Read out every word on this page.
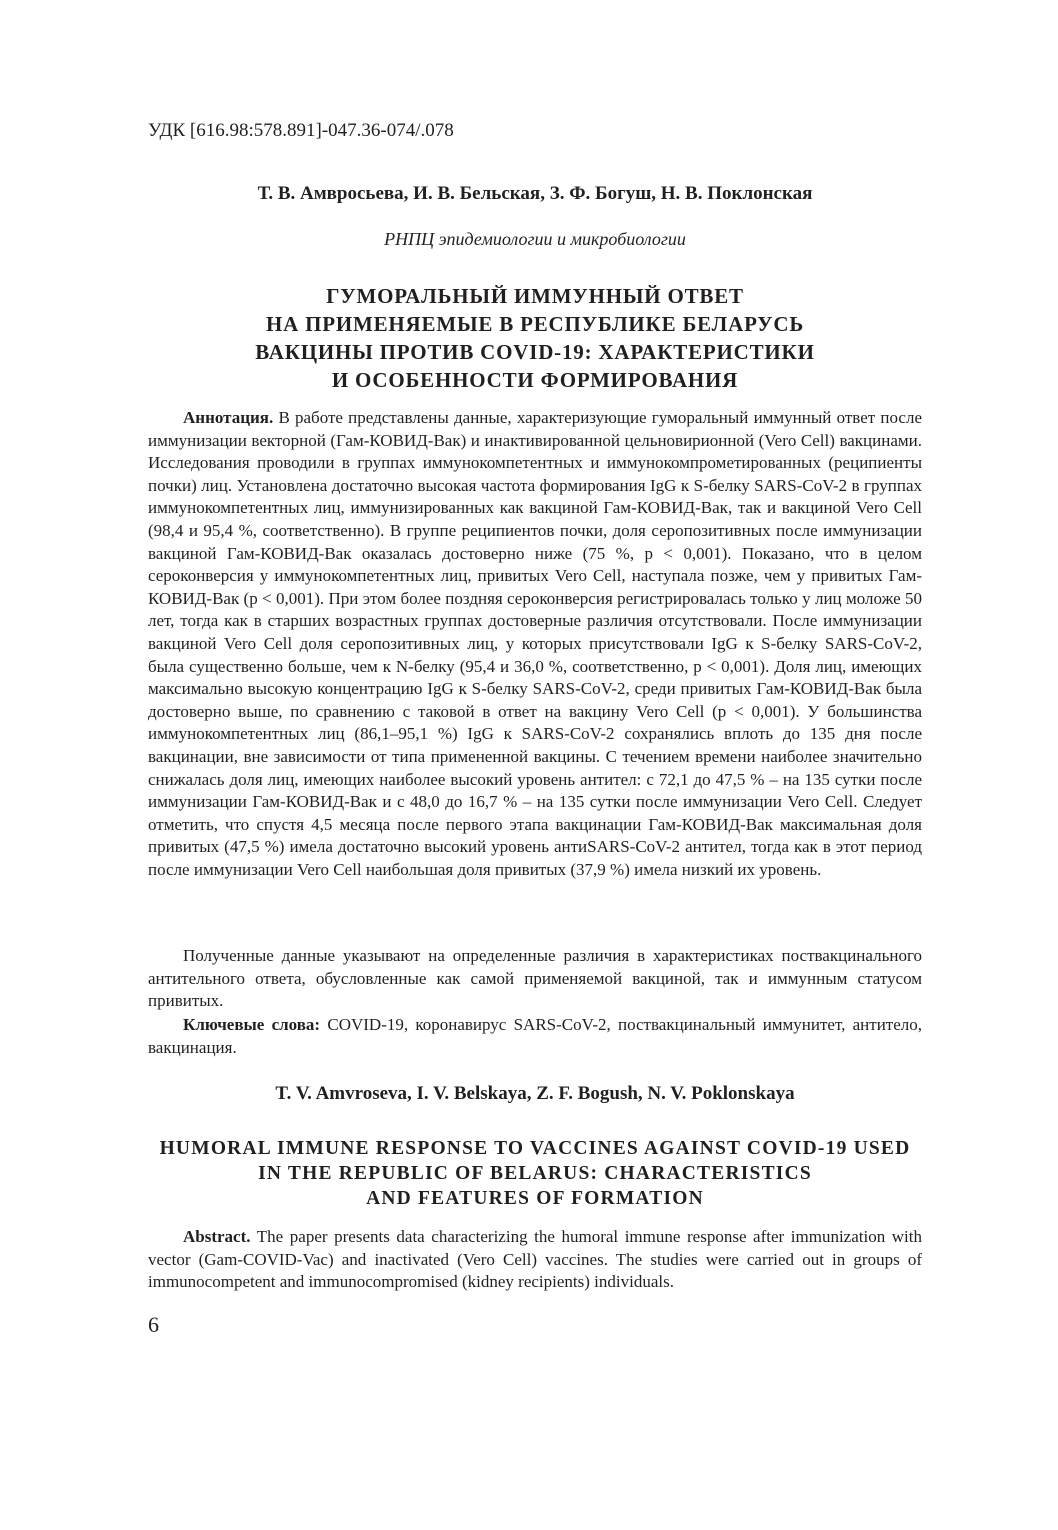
УДК [616.98:578.891]-047.36-074/.078
Т. В. Амвросьева, И. В. Бельская, З. Ф. Богуш, Н. В. Поклонская
РНПЦ эпидемиологии и микробиологии
ГУМОРАЛЬНЫЙ ИММУННЫЙ ОТВЕТ
НА ПРИМЕНЯЕМЫЕ В РЕСПУБЛИКЕ БЕЛАРУСЬ
ВАКЦИНЫ ПРОТИВ COVID-19: ХАРАКТЕРИСТИКИ
И ОСОБЕННОСТИ ФОРМИРОВАНИЯ

Аннотация. В работе представлены данные, характеризующие гуморальный иммунный ответ после иммунизации векторной (Гам-КОВИД-Вак) и инактивированной цельновирионной (Vero Cell) вакцинами. Исследования проводили в группах иммунокомпетентных и иммунокомпрометированных (реципиенты почки) лиц. Установлена достаточно высокая частота формирования IgG к S-белку SARS-CoV-2 в группах иммунокомпетентных лиц, иммунизированных как вакциной Гам-КОВИД-Вак, так и вакциной Vero Cell (98,4 и 95,4 %, соответственно). В группе реципиентов почки, доля серопозитивных после иммунизации вакциной Гам-КОВИД-Вак оказалась достоверно ниже (75 %, p < 0,001). Показано, что в целом сероконверсия у иммунокомпетентных лиц, привитых Vero Cell, наступала позже, чем у привитых Гам-КОВИД-Вак (p < 0,001). При этом более поздняя сероконверсия регистрировалась только у лиц моложе 50 лет, тогда как в старших возрастных группах достоверные различия отсутствовали. После иммунизации вакциной Vero Cell доля серопозитивных лиц, у которых присутствовали IgG к S-белку SARS-CoV-2, была существенно больше, чем к N-белку (95,4 и 36,0 %, соответственно, p < 0,001). Доля лиц, имеющих максимально высокую концентрацию IgG к S-белку SARS-CoV-2, среди привитых Гам-КОВИД-Вак была достоверно выше, по сравнению с таковой в ответ на вакцину Vero Cell (p < 0,001). У большинства иммунокомпетентных лиц (86,1–95,1 %) IgG к SARS-CoV-2 сохранялись вплоть до 135 дня после вакцинации, вне зависимости от типа примененной вакцины. С течением времени наиболее значительно снижалась доля лиц, имеющих наиболее высокий уровень антител: с 72,1 до 47,5 % – на 135 сутки после иммунизации Гам-КОВИД-Вак и с 48,0 до 16,7 % – на 135 сутки после иммунизации Vero Cell. Следует отметить, что спустя 4,5 месяца после первого этапа вакцинации Гам-КОВИД-Вак максимальная доля привитых (47,5 %) имела достаточно высокий уровень антиSARS-CoV-2 антител, тогда как в этот период после иммунизации Vero Cell наибольшая доля привитых (37,9 %) имела низкий их уровень.

Полученные данные указывают на определенные различия в характеристиках поствакцинального антительного ответа, обусловленные как самой применяемой вакциной, так и иммунным статусом привитых.

Ключевые слова: COVID-19, коронавирус SARS-CoV-2, поствакцинальный иммунитет, антитело, вакцинация.

T. V. Amvroseva, I. V. Belskaya, Z. F. Bogush, N. V. Poklonskaya
HUMORAL IMMUNE RESPONSE TO VACCINES AGAINST COVID-19 USED
IN THE REPUBLIC OF BELARUS: CHARACTERISTICS
AND FEATURES OF FORMATION

Abstract. The paper presents data characterizing the humoral immune response after immunization with vector (Gam-COVID-Vac) and inactivated (Vero Cell) vaccines. The studies were carried out in groups of immunocompetent and immunocompromised (kidney recipients) individuals.

6
